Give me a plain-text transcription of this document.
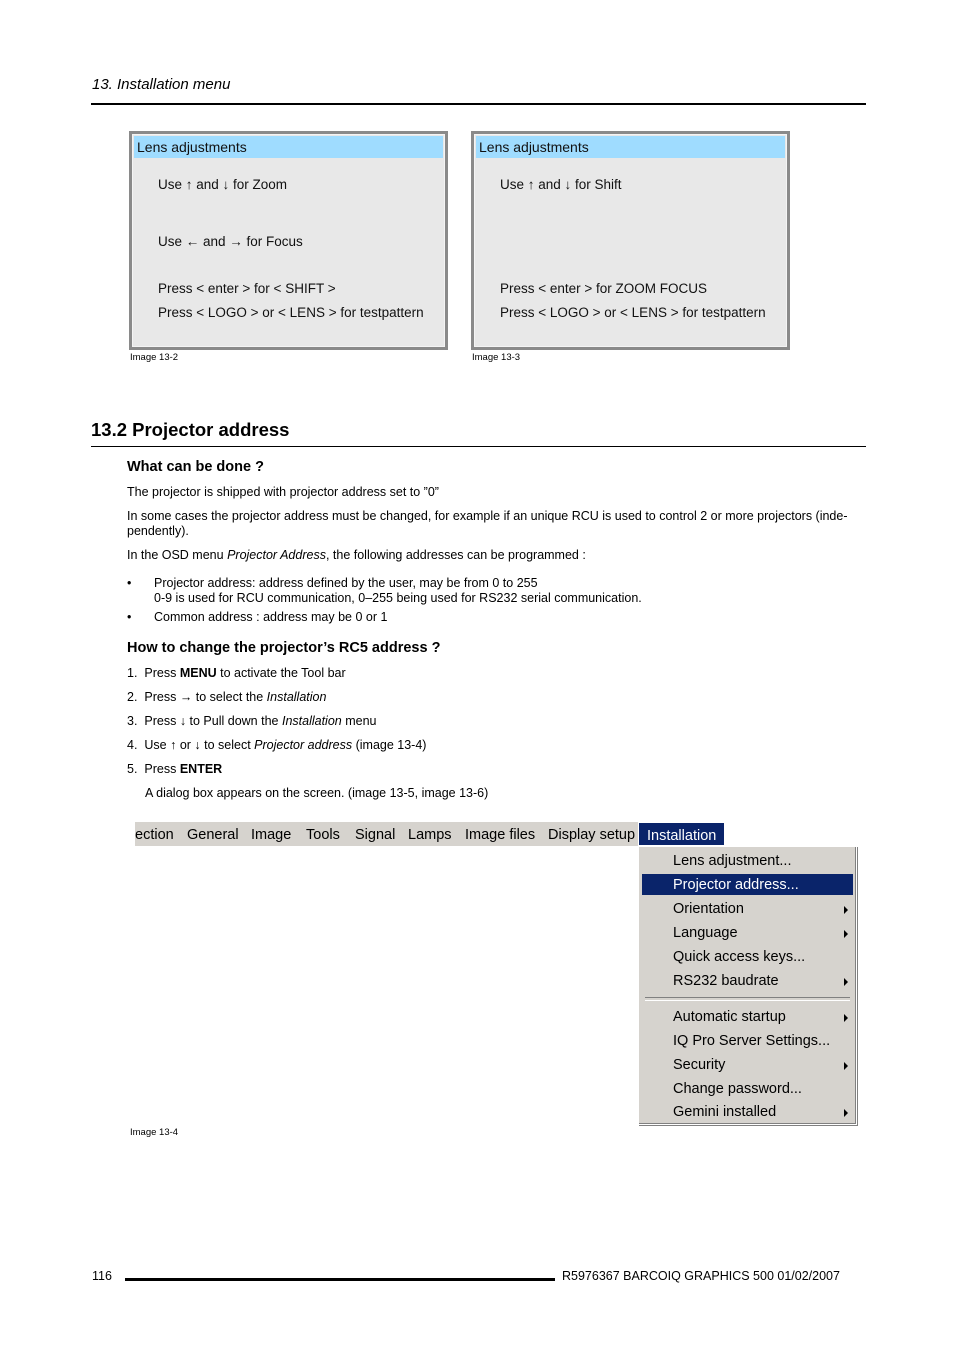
13. Installation menu
Lens adjustments
Use ↑ and ↓ for Zoom
Use ← and → for Focus
Press < enter > for < SHIFT >
Press < LOGO > or < LENS > for testpattern
Image 13-2
Lens adjustments
Use ↑ and ↓ for Shift
Press < enter > for ZOOM FOCUS
Press < LOGO > or < LENS > for testpattern
Image 13-3
13.2 Projector address
What can be done ?
The projector is shipped with projector address set to ”0”
In some cases the projector address must be changed, for example if an unique RCU is used to control 2 or more projectors (inde-
pendently).
In the OSD menu Projector Address, the following addresses can be programmed :
• Projector address: address defined by the user, may be from 0 to 255
0-9 is used for RCU communication, 0–255 being used for RS232 serial communication.
• Common address : address may be 0 or 1
How to change the projector’s RC5 address ?
1. Press MENU to activate the Tool bar
2. Press → to select the Installation
3. Press ↓ to Pull down the Installation menu
4. Use ↑ or ↓ to select Projector address (image 13-4)
5. Press ENTER
A dialog box appears on the screen. (image 13-5, image 13-6)
ection General Image Tools Signal Lamps Image files Display setup Installation
Lens adjustment...
Projector address...
Orientation
Language
Quick access keys...
RS232 baudrate
Automatic startup
IQ Pro Server Settings...
Security
Change password...
Gemini installed
Image 13-4
116	R5976367 BARCOIQ GRAPHICS 500 01/02/2007
